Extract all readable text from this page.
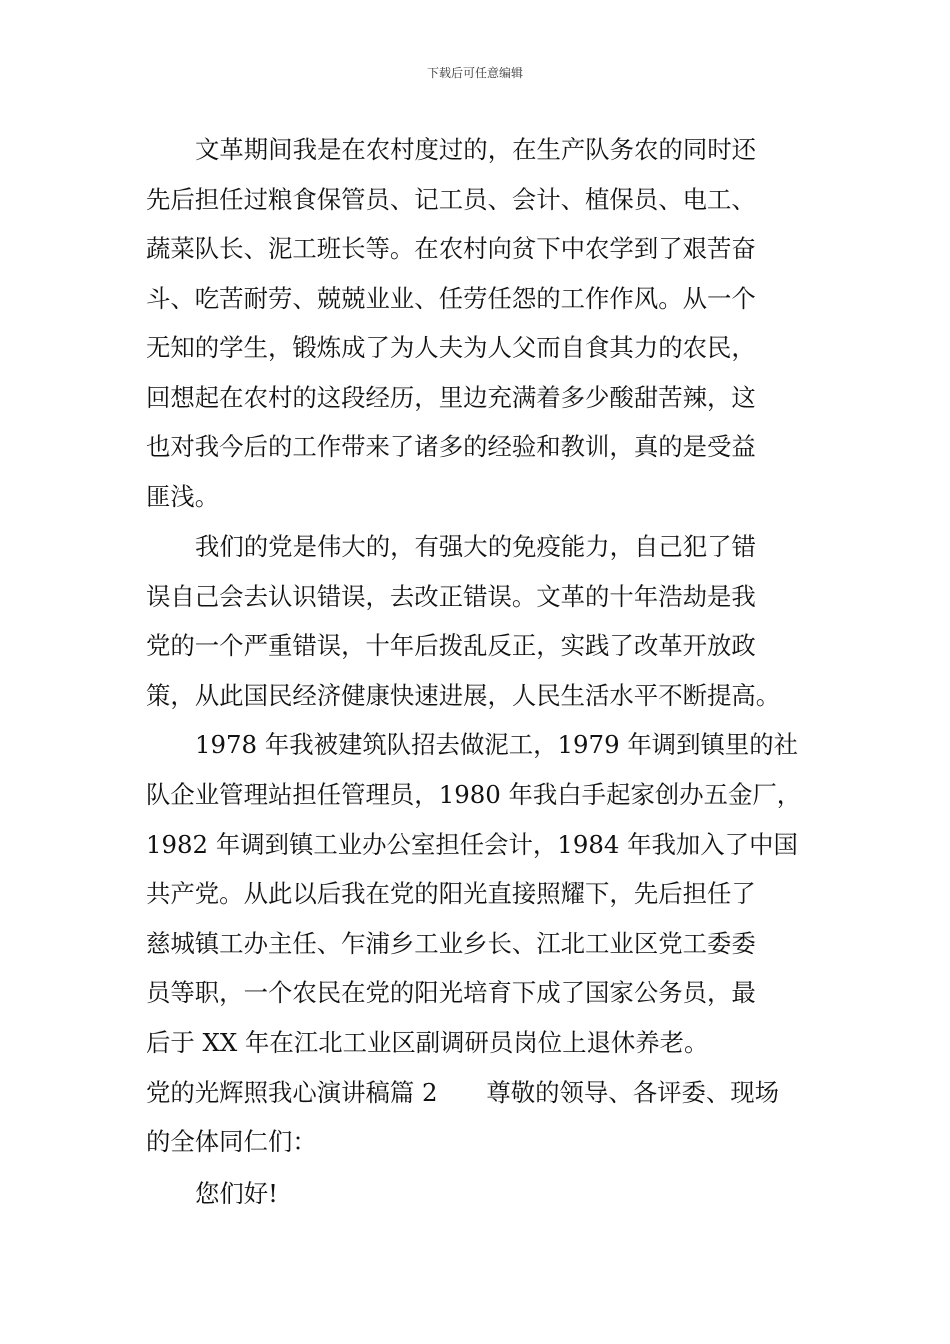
下载后可任意编辑
文革期间我是在农村度过的，在生产队务农的同时还
先后担任过粮食保管员、记工员、会计、植保员、电工、
蔬菜队长、泥工班长等。在农村向贫下中农学到了艰苦奋
斗、吃苦耐劳、兢兢业业、任劳任怨的工作作风。从一个
无知的学生，锻炼成了为人夫为人父而自食其力的农民，
回想起在农村的这段经历，里边充满着多少酸甜苦辣，这
也对我今后的工作带来了诸多的经验和教训，真的是受益
匪浅。
我们的党是伟大的，有强大的免疫能力，自己犯了错
误自己会去认识错误，去改正错误。文革的十年浩劫是我
党的一个严重错误，十年后拨乱反正，实践了改革开放政
策，从此国民经济健康快速进展，人民生活水平不断提高。
1978 年我被建筑队招去做泥工，1979 年调到镇里的社
队企业管理站担任管理员，1980 年我白手起家创办五金厂，
1982 年调到镇工业办公室担任会计，1984 年我加入了中国
共产党。从此以后我在党的阳光直接照耀下，先后担任了
慈城镇工办主任、乍浦乡工业乡长、江北工业区党工委委
员等职，一个农民在党的阳光培育下成了国家公务员，最
后于 XX 年在江北工业区副调研员岗位上退休养老。
党的光辉照我心演讲稿篇 2　　尊敬的领导、各评委、现场
的全体同仁们：
您们好!
